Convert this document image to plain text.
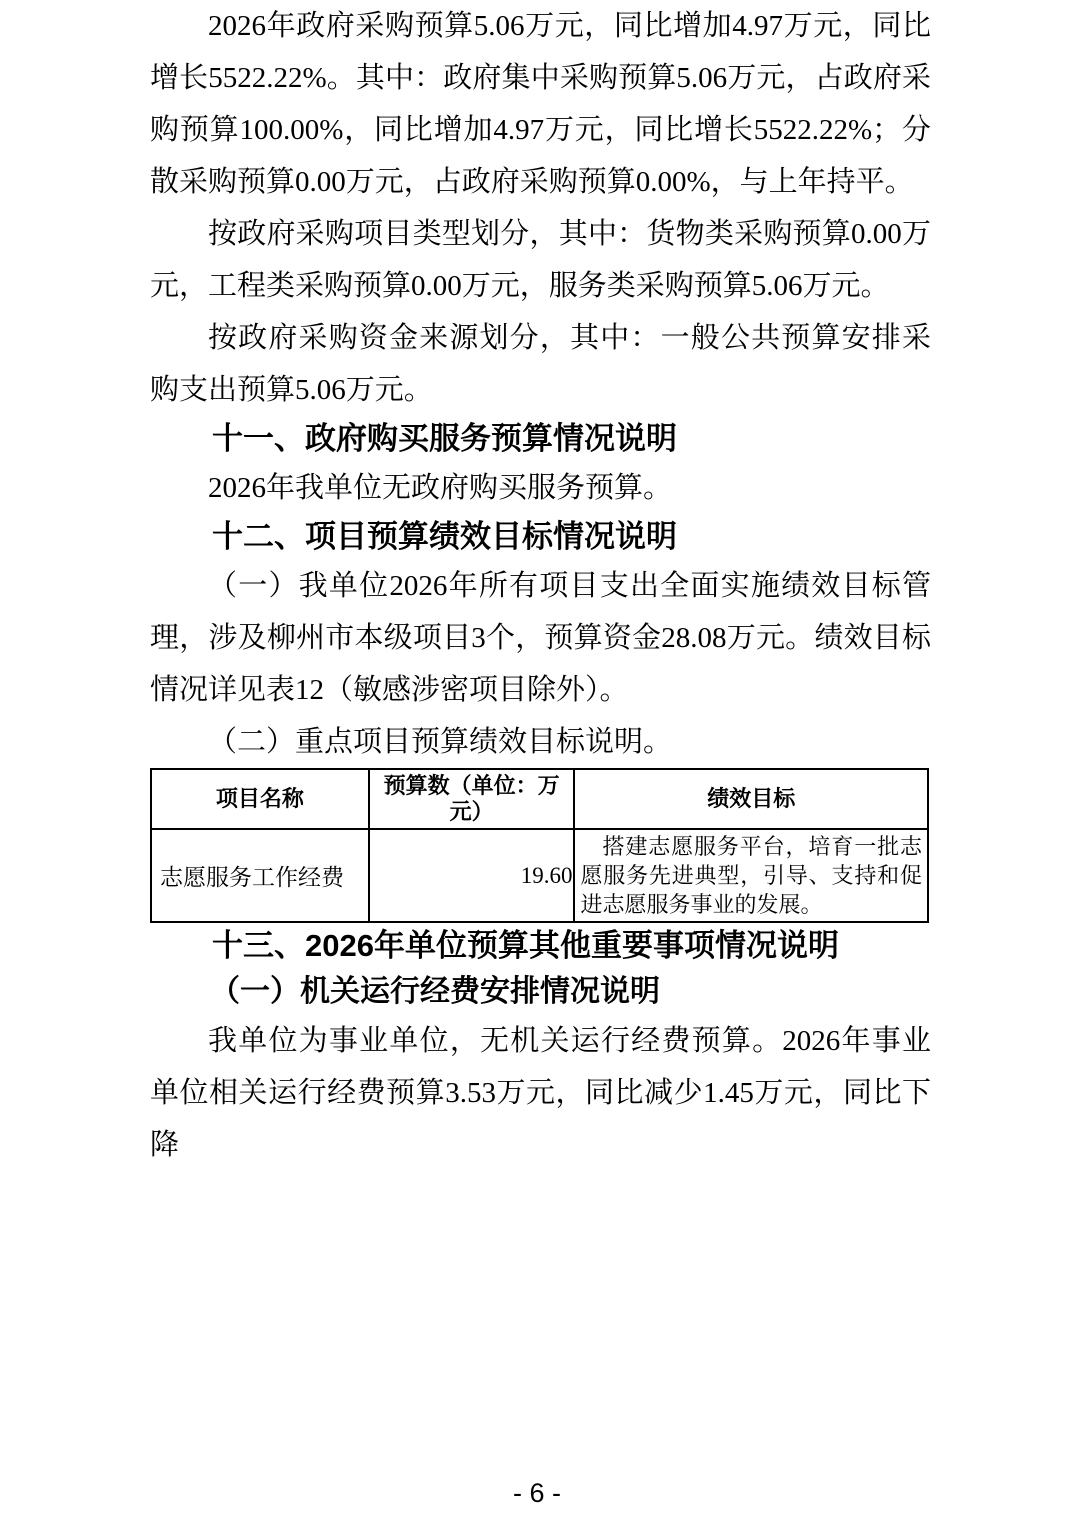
2026年政府采购预算5.06万元，同比增加4.97万元，同比增长5522.22%。其中：政府集中采购预算5.06万元，占政府采购预算100.00%，同比增加4.97万元，同比增长5522.22%；分散采购预算0.00万元，占政府采购预算0.00%，与上年持平。

按政府采购项目类型划分，其中：货物类采购预算0.00万元，工程类采购预算0.00万元，服务类采购预算5.06万元。

按政府采购资金来源划分，其中：一般公共预算安排采购支出预算5.06万元。

十一、政府购买服务预算情况说明

2026年我单位无政府购买服务预算。

十二、项目预算绩效目标情况说明

（一）我单位2026年所有项目支出全面实施绩效目标管理，涉及柳州市本级项目3个，预算资金28.08万元。绩效目标情况详见表12（敏感涉密项目除外）。

（二）重点项目预算绩效目标说明。

项目名称	预算数（单位：万元）	绩效目标
志愿服务工作经费	19.60	搭建志愿服务平台，培育一批志愿服务先进典型，引导、支持和促进志愿服务事业的发展。
十三、2026年单位预算其他重要事项情况说明
（一）机关运行经费安排情况说明

我单位为事业单位，无机关运行经费预算。2026年事业单位相关运行经费预算3.53万元，同比减少1.45万元，同比下降

- 6 -
